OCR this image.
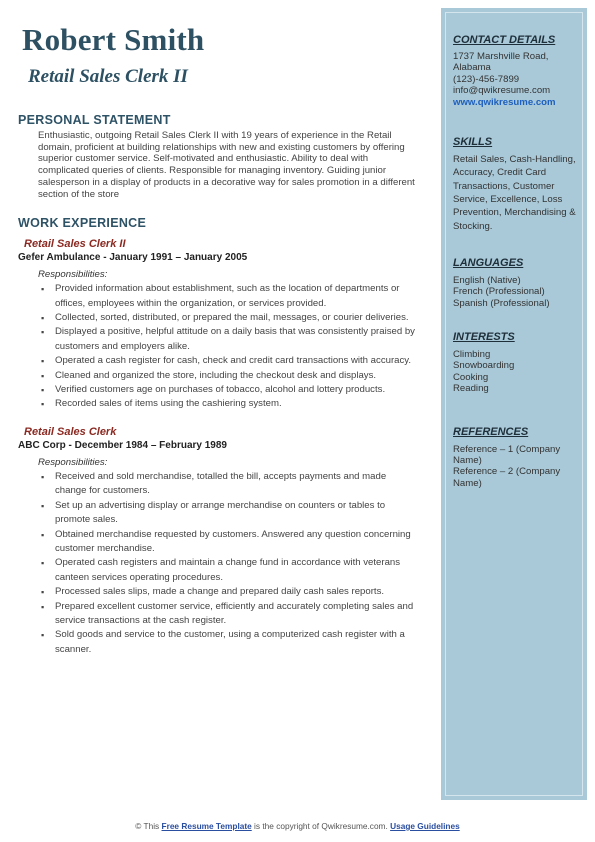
Robert Smith
Retail Sales Clerk II
PERSONAL STATEMENT
Enthusiastic, outgoing Retail Sales Clerk II with 19 years of experience in the Retail domain, proficient at building relationships with new and existing customers by offering superior customer service. Self-motivated and enthusiastic. Ability to deal with complicated queries of clients. Responsible for managing inventory. Guiding junior salesperson in a display of products in a decorative way for sales promotion in a different section of the store
WORK EXPERIENCE
Retail Sales Clerk II
Gefer Ambulance - January 1991 – January 2005
Responsibilities:
▪ Provided information about establishment, such as the location of departments or offices, employees within the organization, or services provided.
▪ Collected, sorted, distributed, or prepared the mail, messages, or courier deliveries.
▪ Displayed a positive, helpful attitude on a daily basis that was consistently praised by customers and employers alike.
▪ Operated a cash register for cash, check and credit card transactions with accuracy.
▪ Cleaned and organized the store, including the checkout desk and displays.
▪ Verified customers age on purchases of tobacco, alcohol and lottery products.
▪ Recorded sales of items using the cashiering system.
Retail Sales Clerk
ABC Corp - December 1984 – February 1989
Responsibilities:
▪ Received and sold merchandise, totalled the bill, accepts payments and made change for customers.
▪ Set up an advertising display or arrange merchandise on counters or tables to promote sales.
▪ Obtained merchandise requested by customers. Answered any question concerning customer merchandise.
▪ Operated cash registers and maintain a change fund in accordance with veterans canteen services operating procedures.
▪ Processed sales slips, made a change and prepared daily cash sales reports.
▪ Prepared excellent customer service, efficiently and accurately completing sales and service transactions at the cash register.
▪ Sold goods and service to the customer, using a computerized cash register with a scanner.
CONTACT DETAILS
1737 Marshville Road, Alabama
(123)-456-7899
info@qwikresume.com
www.qwikresume.com
SKILLS
Retail Sales, Cash-Handling, Accuracy, Credit Card Transactions, Customer Service, Excellence, Loss Prevention, Merchandising & Stocking.
LANGUAGES
English (Native)
French (Professional)
Spanish (Professional)
INTERESTS
Climbing
Snowboarding
Cooking
Reading
REFERENCES
Reference – 1 (Company Name)
Reference – 2 (Company Name)
© This Free Resume Template is the copyright of Qwikresume.com. Usage Guidelines
